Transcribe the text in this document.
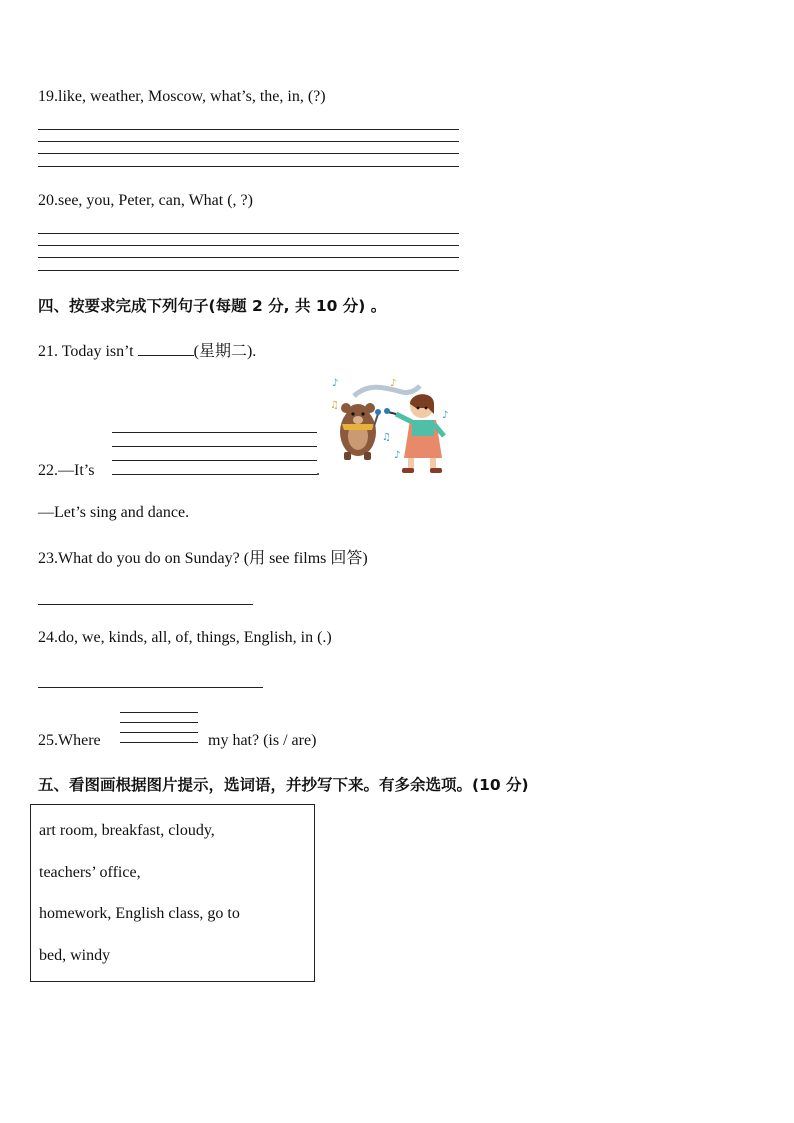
19.like, weather, Moscow, what’s, the, in, (?)
20.see, you, Peter, can, What (, ?)
四、按要求完成下列句子(每题 2 分, 共 10 分) 。
21. Today isn’t	(星期二).
22.—It’s	.
♪
♪
♫
♪
♫
♪
—Let’s sing and dance.
23.What do you do on Sunday? (用 see films 回答)
24.do, we, kinds, all, of, things, English, in (.)
25.Where	my hat? (is / are)
五、看图画根据图片提示，选词语，并抄写下来。有多余选项。(10 分)
art room, breakfast, cloudy,
teachers’ office,
homework, English class, go to
bed, windy
